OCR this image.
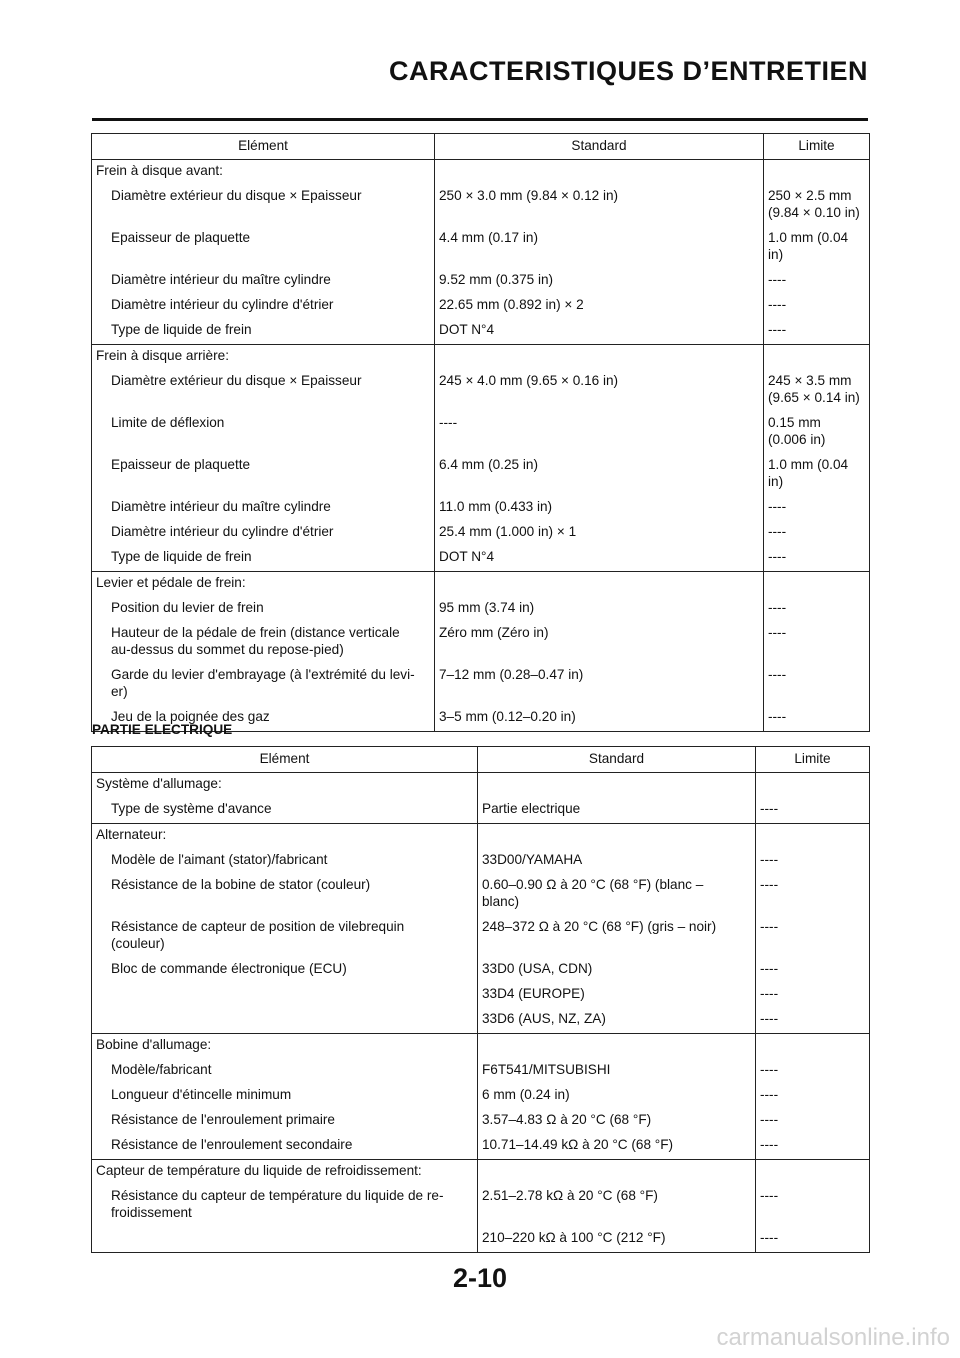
CARACTERISTIQUES D’ENTRETIEN
Elément	Standard	Limite
Frein à disque avant:		
Diamètre extérieur du disque × Epaisseur	250 × 3.0 mm (9.84 × 0.12 in)	250 × 2.5 mm
(9.84 × 0.10 in)
Epaisseur de plaquette	4.4 mm (0.17 in)	1.0 mm (0.04
in)
Diamètre intérieur du maître cylindre	9.52 mm (0.375 in)	----
Diamètre intérieur du cylindre d'étrier	22.65 mm (0.892 in) × 2	----
Type de liquide de frein	DOT N°4	----
Frein à disque arrière:		
Diamètre extérieur du disque × Epaisseur	245 × 4.0 mm (9.65 × 0.16 in)	245 × 3.5 mm
(9.65 × 0.14 in)
Limite de déflexion	----	0.15 mm
(0.006 in)
Epaisseur de plaquette	6.4 mm (0.25 in)	1.0 mm (0.04
in)
Diamètre intérieur du maître cylindre	11.0 mm (0.433 in)	----
Diamètre intérieur du cylindre d'étrier	25.4 mm (1.000 in) × 1	----
Type de liquide de frein	DOT N°4	----
Levier et pédale de frein:		
Position du levier de frein	95 mm (3.74 in)	----
Hauteur de la pédale de frein (distance verticale
au-dessus du sommet du repose-pied)	Zéro mm (Zéro in)	----
Garde du levier d'embrayage (à l'extrémité du levi-
er)	7–12 mm (0.28–0.47 in)	----
Jeu de la poignée des gaz	3–5 mm (0.12–0.20 in)	----

PARTIE ELECTRIQUE

Elément	Standard	Limite
Système d'allumage:		
Type de système d'avance	Partie electrique	----
Alternateur:		
Modèle de l'aimant (stator)/fabricant	33D00/YAMAHA	----
Résistance de la bobine de stator (couleur)	0.60–0.90 Ω à 20 °C (68 °F) (blanc –
blanc)	----
Résistance de capteur de position de vilebrequin
(couleur)	248–372 Ω à 20 °C (68 °F) (gris – noir)	----
Bloc de commande électronique (ECU)	33D0 (USA, CDN)	----
	33D4 (EUROPE)	----
	33D6 (AUS, NZ, ZA)	----
Bobine d'allumage:		
Modèle/fabricant	F6T541/MITSUBISHI	----
Longueur d'étincelle minimum	6 mm (0.24 in)	----
Résistance de l'enroulement primaire	3.57–4.83 Ω à 20 °C (68 °F)	----
Résistance de l'enroulement secondaire	10.71–14.49 kΩ à 20 °C (68 °F)	----
Capteur de température du liquide de refroidissement:		
Résistance du capteur de température du liquide de re-
froidissement	2.51–2.78 kΩ à 20 °C (68 °F)	----
	210–220 kΩ à 100 °C (212 °F)	----

2-10

carmanualsonline.info
